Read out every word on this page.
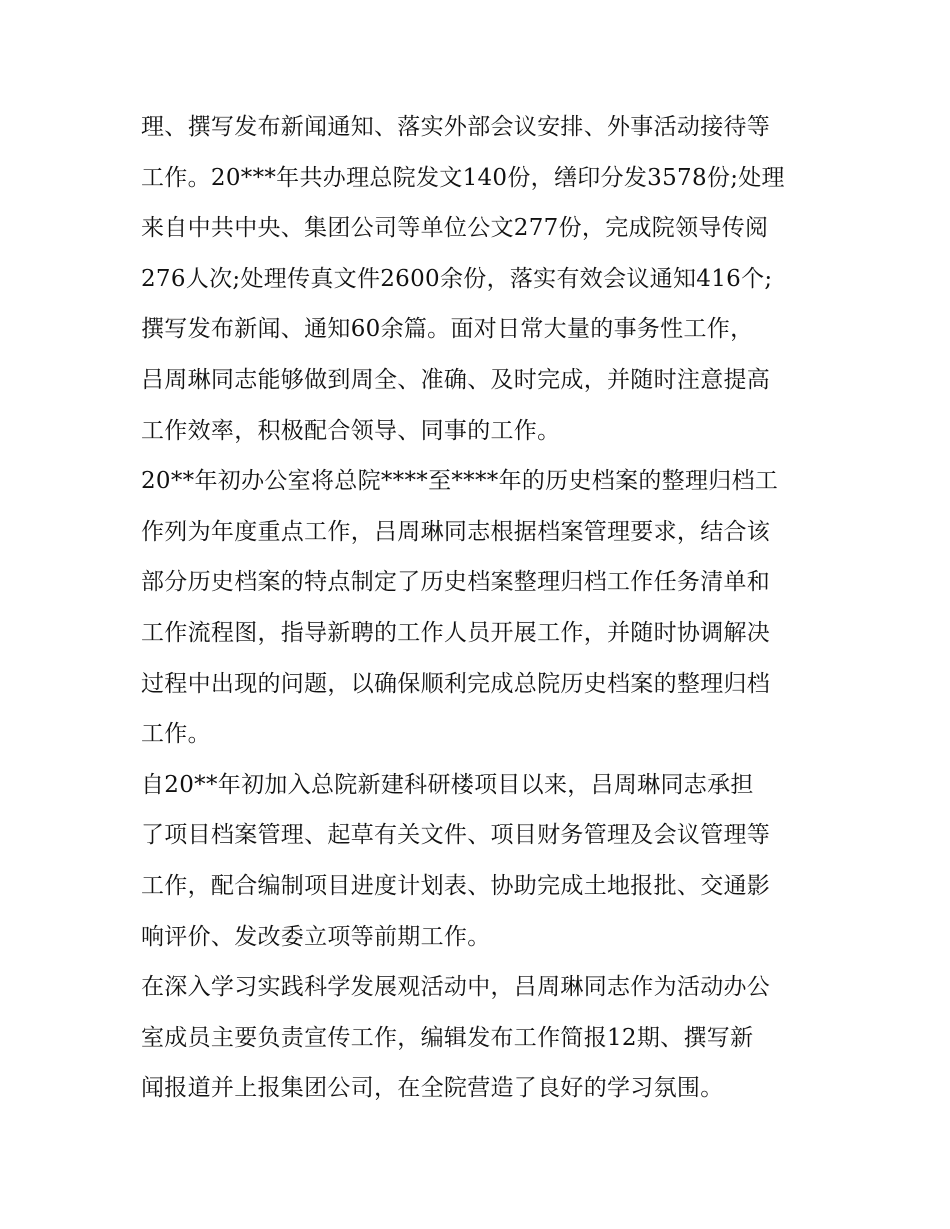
理、撰写发布新闻通知、落实外部会议安排、外事活动接待等
工作。20***年共办理总院发文140份，缮印分发3578份;处理
来自中共中央、集团公司等单位公文277份，完成院领导传阅
276人次;处理传真文件2600余份，落实有效会议通知416个;
撰写发布新闻、通知60余篇。面对日常大量的事务性工作，
吕周琳同志能够做到周全、准确、及时完成，并随时注意提高
工作效率，积极配合领导、同事的工作。

20**年初办公室将总院****至****年的历史档案的整理归档工
作列为年度重点工作，吕周琳同志根据档案管理要求，结合该
部分历史档案的特点制定了历史档案整理归档工作任务清单和
工作流程图，指导新聘的工作人员开展工作，并随时协调解决
过程中出现的问题，以确保顺利完成总院历史档案的整理归档
工作。

自20**年初加入总院新建科研楼项目以来，吕周琳同志承担
了项目档案管理、起草有关文件、项目财务管理及会议管理等
工作，配合编制项目进度计划表、协助完成土地报批、交通影
响评价、发改委立项等前期工作。

在深入学习实践科学发展观活动中，吕周琳同志作为活动办公
室成员主要负责宣传工作，编辑发布工作简报12期、撰写新
闻报道并上报集团公司，在全院营造了良好的学习氛围。
